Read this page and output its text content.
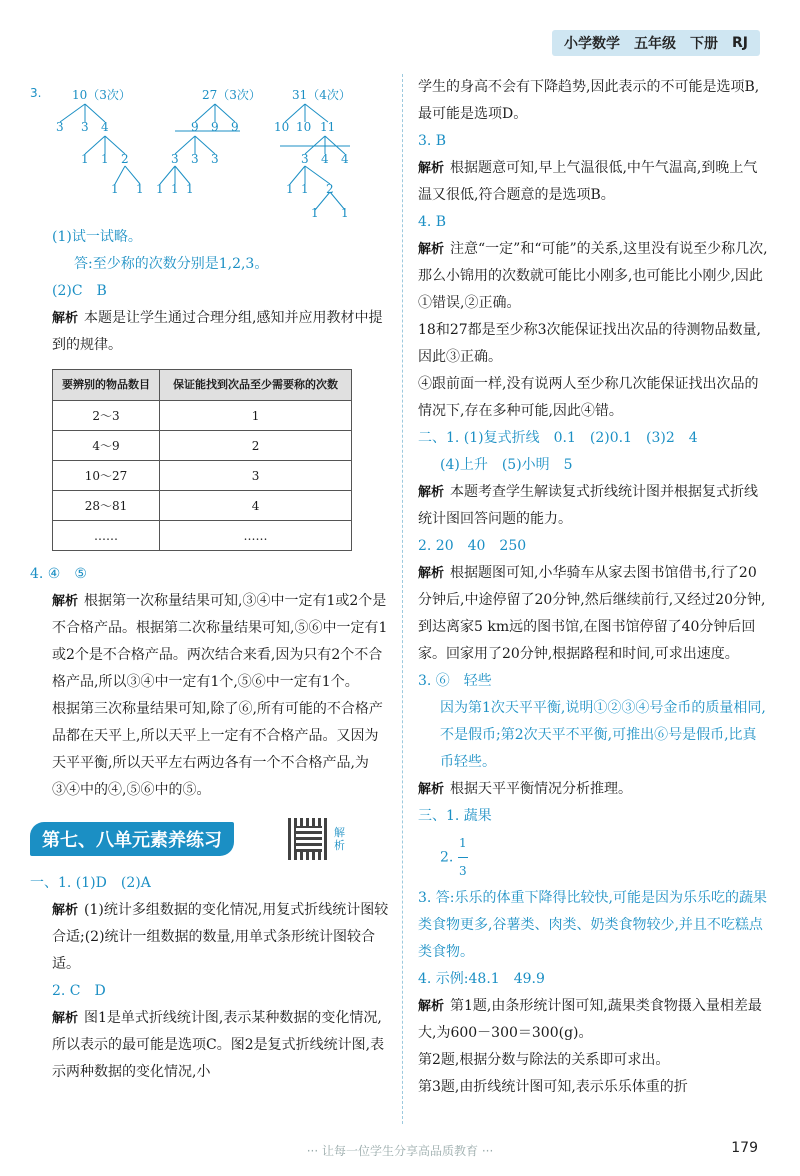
小学数学 五年级 下册 RJ
3.	10（3次）
3 3 4
1 1 2
1 1
27（3次）
9 9 9
3 3 3
1 1 1
31（4次）
10 10 11
3 4 4
1 1 2
1 1

(1)试一试略。

答:至少称的次数分别是1,2,3。

(2)C　B

解析 本题是让学生通过合理分组,感知并应用教材中提到的规律。

要辨别的物品数目	保证能找到次品至少需要称的次数
2～3	1
4～9	2
10～27	3
28～81	4
……	……

4. ④　⑤

解析 根据第一次称量结果可知,③④中一定有1或2个是不合格产品。根据第二次称量结果可知,⑤⑥中一定有1或2个是不合格产品。两次结合来看,因为只有2个不合格产品,所以③④中一定有1个,⑤⑥中一定有1个。

根据第三次称量结果可知,除了⑥,所有可能的不合格产品都在天平上,所以天平上一定有不合格产品。又因为天平平衡,所以天平左右两边各有一个不合格产品,为③④中的④,⑤⑥中的⑤。

第七、八单元素养练习	解析

一、1. (1)D　(2)A

解析 (1)统计多组数据的变化情况,用复式折线统计图较合适;(2)统计一组数据的数量,用单式条形统计图较合适。

2. C　D

解析 图1是单式折线统计图,表示某种数据的变化情况,所以表示的最可能是选项C。图2是复式折线统计图,表示两种数据的变化情况,小

学生的身高不会有下降趋势,因此表示的不可能是选项B,最可能是选项D。

3. B

解析 根据题意可知,早上气温很低,中午气温高,到晚上气温又很低,符合题意的是选项B。

4. B

解析 注意“一定”和“可能”的关系,这里没有说至少称几次,那么小锦用的次数就可能比小刚多,也可能比小刚少,因此①错误,②正确。

18和27都是至少称3次能保证找出次品的待测物品数量,因此③正确。

④跟前面一样,没有说两人至少称几次能保证找出次品的情况下,存在多种可能,因此④错。

二、1. (1)复式折线　0.1　(2)0.1　(3)2　4

(4)上升　(5)小明　5

解析 本题考查学生解读复式折线统计图并根据复式折线统计图回答问题的能力。

2. 20　40　250

解析 根据题图可知,小华骑车从家去图书馆借书,行了20分钟后,中途停留了20分钟,然后继续前行,又经过20分钟,到达离家5 km远的图书馆,在图书馆停留了40分钟后回家。回家用了20分钟,根据路程和时间,可求出速度。

3. ⑥　轻些

因为第1次天平平衡,说明①②③④号金币的质量相同,不是假币;第2次天平不平衡,可推出⑥号是假币,比真币轻些。

解析 根据天平平衡情况分析推理。

三、1. 蔬果

2. $\frac{1}{3}$

3. 答:乐乐的体重下降得比较快,可能是因为乐乐吃的蔬果类食物更多,谷薯类、肉类、奶类食物较少,并且不吃糕点类食物。

4. 示例:48.1　49.9

解析 第1题,由条形统计图可知,蔬果类食物摄入量相差最大,为600－300＝300(g)。

第2题,根据分数与除法的关系即可求出。

第3题,由折线统计图可知,表示乐乐体重的折

··· 让每一位学生分享高品质教育 ···	179
